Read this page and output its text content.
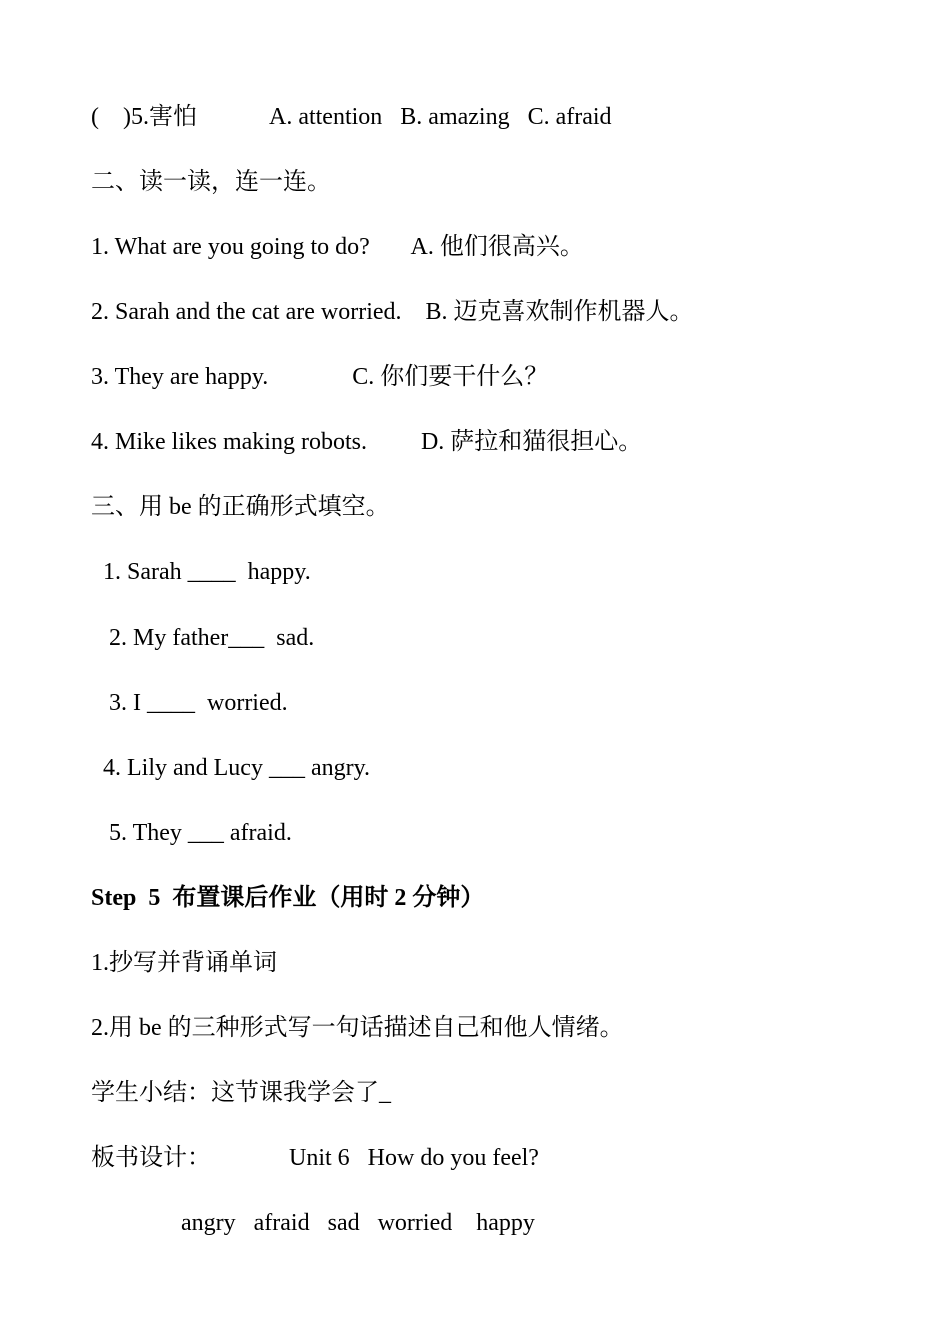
(    )5.害怕            A. attention   B. amazing   C. afraid
二、读一读，连一连。
1. What are you going to do?       A. 他们很高兴。
2. Sarah and the cat are worried.    B. 迈克喜欢制作机器人。
3. They are happy.              C. 你们要干什么？
4. Mike likes making robots.         D. 萨拉和猫很担心。
三、用 be 的正确形式填空。
1. Sarah ____  happy.
2. My father___  sad.
3. I ____  worried.
4. Lily and Lucy ___ angry.
5. They ___ afraid.
Step  5  布置课后作业（用时 2 分钟）
1.抄写并背诵单词
2.用 be 的三种形式写一句话描述自己和他人情绪。
学生小结：这节课我学会了_
板书设计：             Unit 6   How do you feel?
angry   afraid   sad   worried    happy
